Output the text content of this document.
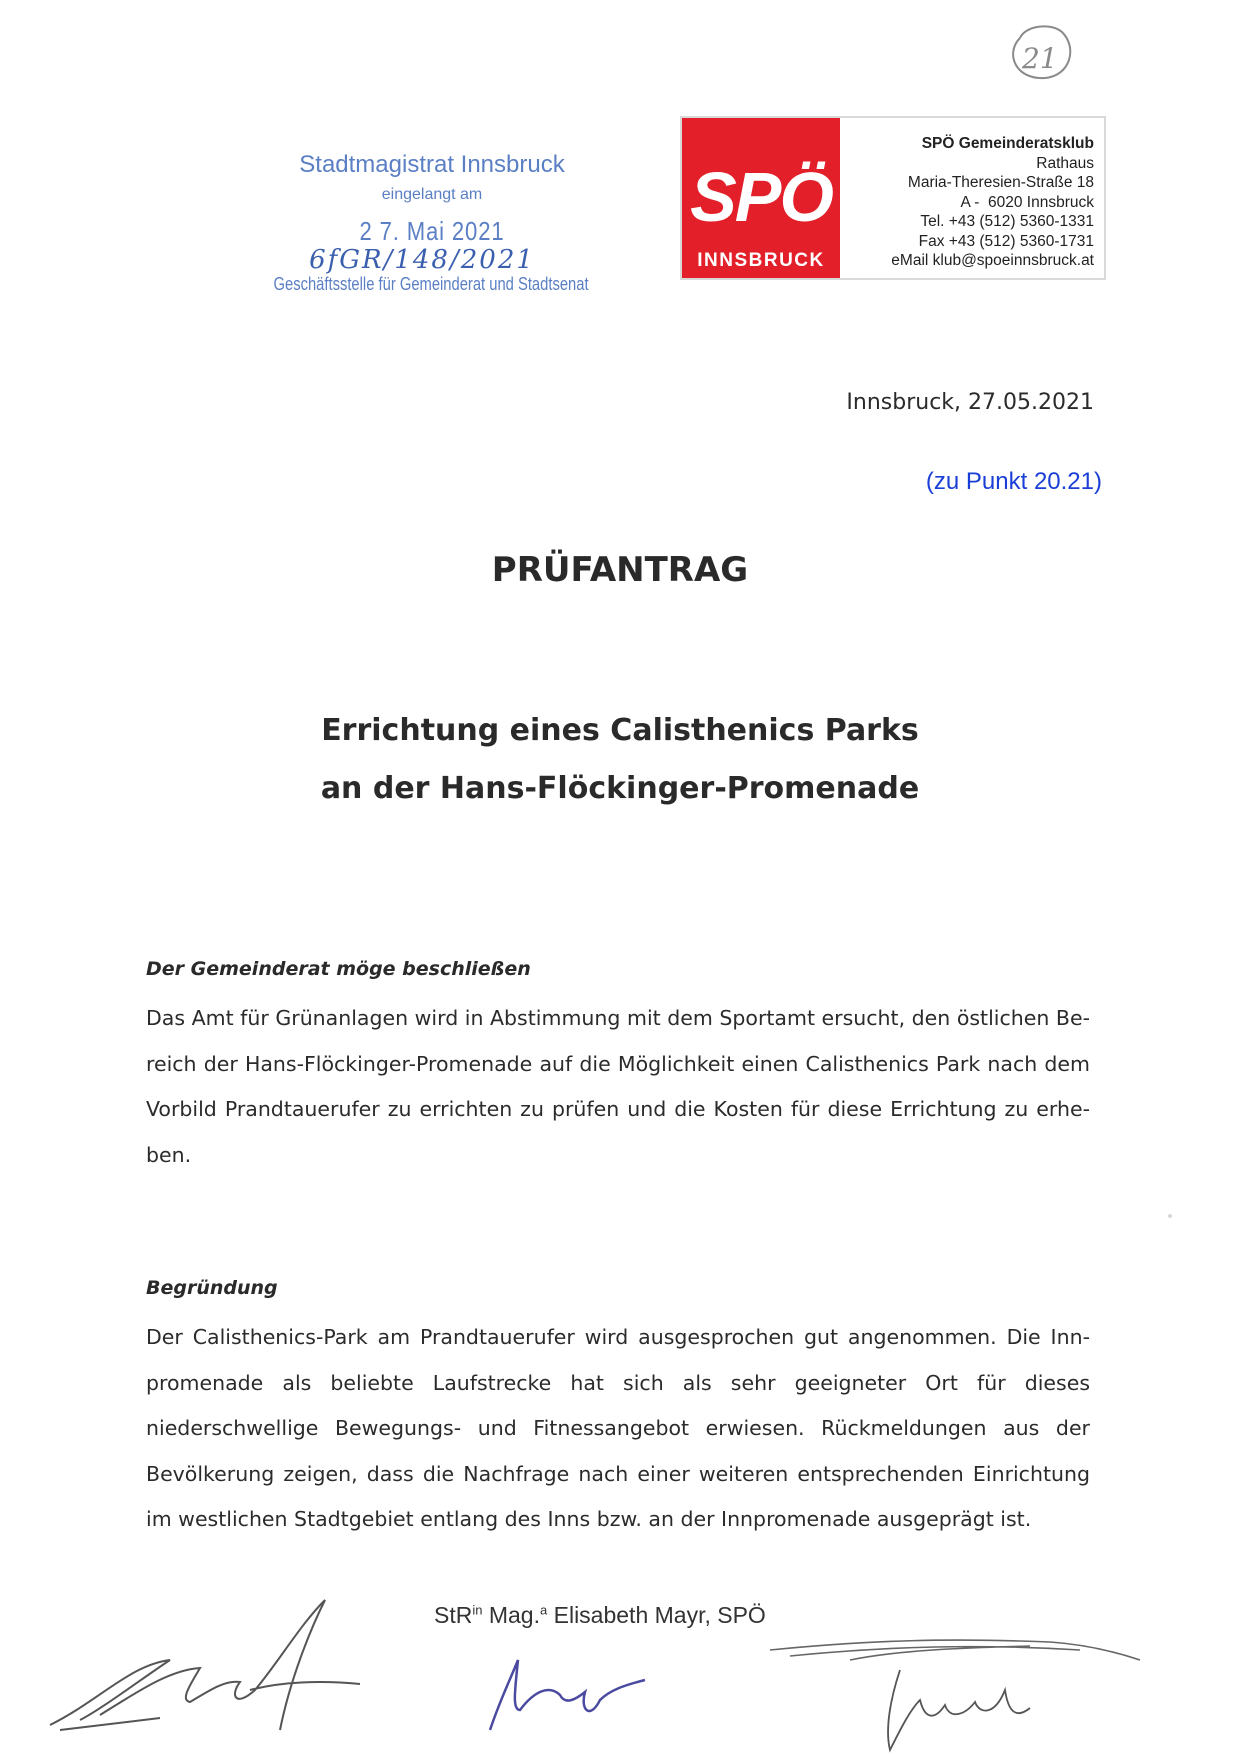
21
Stadtmagistrat Innsbruck
eingelangt am
2 7. Mai 2021
6fGR/148/2021
Geschäftsstelle für Gemeinderat und Stadtsenat
SPÖ
INNSBRUCK
SPÖ Gemeinderatsklub
Rathaus
Maria-Theresien-Straße 18
A -  6020 Innsbruck
Tel. +43 (512) 5360-1331
Fax +43 (512) 5360-1731
eMail klub@spoeinnsbruck.at
Innsbruck, 27.05.2021
(zu Punkt 20.21)
PRÜFANTRAG
Errichtung eines Calisthenics Parks
an der Hans-Flöckinger-Promenade
Der Gemeinderat möge beschließen

Das Amt für Grünanlagen wird in Abstimmung mit dem Sportamt ersucht, den östlichen Bereich der Hans-Flöckinger-Promenade auf die Möglichkeit einen Calisthenics Park nach dem Vorbild Prandtauerufer zu errichten zu prüfen und die Kosten für diese Errichtung zu erheben.

Begründung

Der Calisthenics-Park am Prandtauerufer wird ausgesprochen gut angenommen. Die Innpromenade als beliebte Laufstrecke hat sich als sehr geeigneter Ort für dieses niederschwellige Bewegungs- und Fitnessangebot erwiesen. Rückmeldungen aus der Bevölkerung zeigen, dass die Nachfrage nach einer weiteren entsprechenden Einrichtung im westlichen Stadtgebiet entlang des Inns bzw. an der Innpromenade ausgeprägt ist.

StR$^{in}$ Mag.$^a$ Elisabeth Mayr, SPÖ
